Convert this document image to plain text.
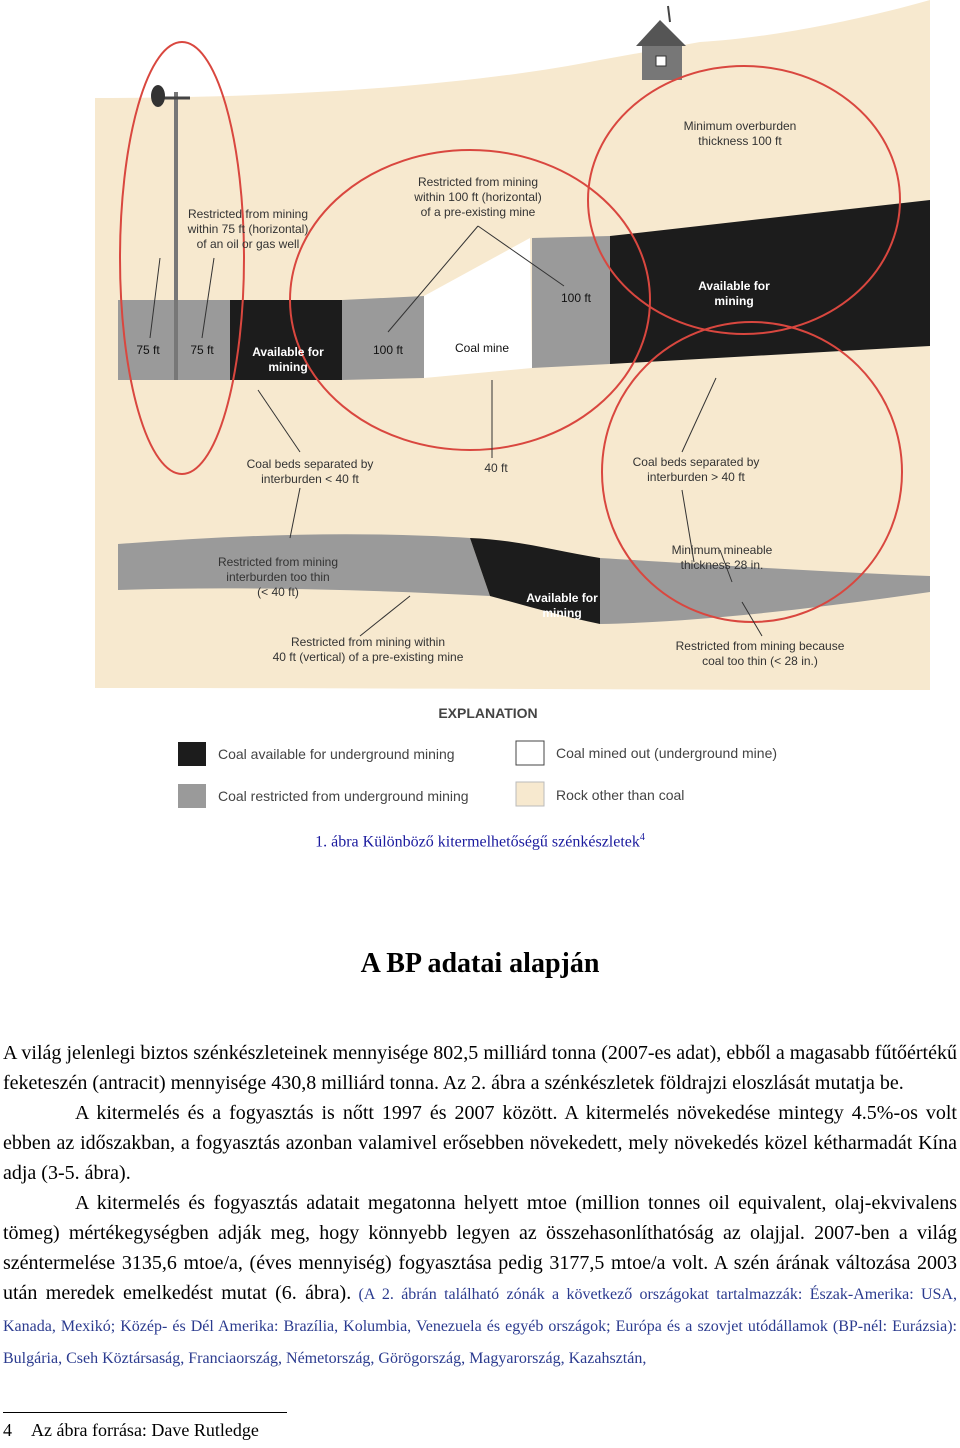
Restricted from mining within 75 ft (horizontal) of an oil or gas well
Restricted from mining within 100 ft (horizontal) of a pre-existing mine
Minimum overburden thickness 100 ft
75 ft	75 ft	100 ft
100 ft
Coal mine
Available for mining
Available for mining
40 ft
Coal beds separated by interburden < 40 ft
Coal beds separated by interburden > 40 ft
Restricted from mining interburden too thin (< 40 ft)
Minimum mineable thickness 28 in.
Available for mining
Restricted from mining within 40 ft (vertical) of a pre-existing mine
Restricted from mining because coal too thin (< 28 in.)
EXPLANATION
Coal available for underground mining	Coal mined out (underground mine)
Coal restricted from underground mining	Rock other than coal
1. ábra Különböző kitermelhetőségű szénkészletek$^4$
A BP adatai alapján

A világ jelenlegi biztos szénkészleteinek mennyisége 802,5 milliárd tonna (2007-es adat), ebből a magasabb fűtőértékű feketeszén (antracit) mennyisége 430,8 milliárd tonna. Az 2. ábra a szénkészletek földrajzi eloszlását mutatja be.

A kitermelés és a fogyasztás is nőtt 1997 és 2007 között. A kitermelés növekedése mintegy 4.5%-os volt ebben az időszakban, a fogyasztás azonban valamivel erősebben növekedett, mely növekedés közel kétharmadát Kína adja (3-5. ábra).

A kitermelés és fogyasztás adatait megatonna helyett mtoe (million tonnes oil equivalent, olaj-ekvivalens tömeg) mértékegységben adják meg, hogy könnyebb legyen az összehasonlíthatóság az olajjal. 2007-ben a világ széntermelése 3135,6 mtoe/a, (éves mennyiség) fogyasztása pedig 3177,5 mtoe/a volt. A szén árának változása 2003 után meredek emelkedést mutat (6. ábra). (A 2. ábrán található zónák a következő országokat tartalmazzák: Észak-Amerika: USA, Kanada, Mexikó; Közép- és Dél Amerika: Brazília, Kolumbia, Venezuela és egyéb országok; Európa és a szovjet utódállamok (BP-nél: Eurázsia): Bulgária, Cseh Köztársaság, Franciaország, Németország, Görögország, Magyarország, Kazahsztán,

4 Az ábra forrása: Dave Rutledge
